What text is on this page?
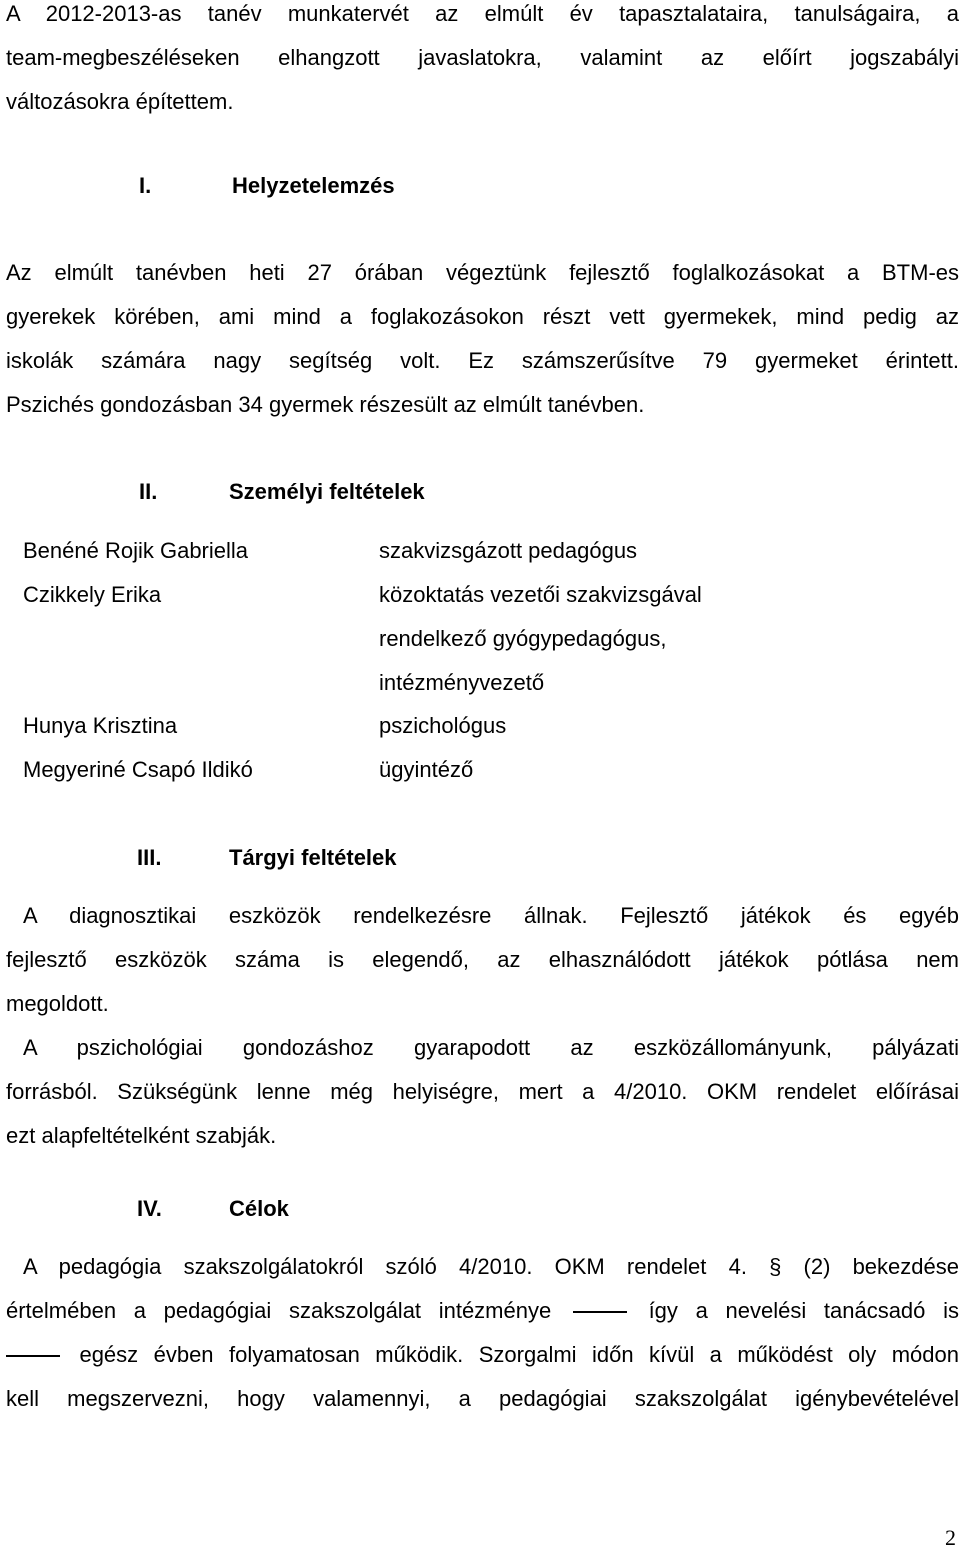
A 2012-2013-as tanév munkatervét az elmúlt év tapasztalataira, tanulságaira, a
team-megbeszéléseken elhangzott javaslatokra, valamint az előírt jogszabályi
változásokra építettem.
I.	Helyzetelemzés
Az elmúlt tanévben heti 27 órában végeztünk fejlesztő foglalkozásokat a BTM-es
gyerekek körében, ami mind a foglakozásokon részt vett gyermekek, mind pedig az
iskolák számára nagy segítség volt. Ez számszerűsítve 79 gyermeket érintett.
Pszichés gondozásban 34 gyermek részesült az elmúlt tanévben.
II.	Személyi feltételek
Benéné Rojik Gabriella	szakvizsgázott pedagógus
Czikkely Erika	közoktatás vezetői szakvizsgával
rendelkező gyógypedagógus,
intézményvezető
Hunya Krisztina	pszichológus
Megyeriné Csapó Ildikó	ügyintéző
III.	Tárgyi feltételek
A diagnosztikai eszközök rendelkezésre állnak. Fejlesztő játékok és egyéb
fejlesztő eszközök száma is elegendő, az elhasználódott játékok pótlása nem
megoldott.
A pszichológiai gondozáshoz gyarapodott az eszközállományunk, pályázati
forrásból. Szükségünk lenne még helyiségre, mert a 4/2010. OKM rendelet előírásai
ezt alapfeltételként szabják.
IV.	Célok
A pedagógia szakszolgálatokról szóló 4/2010. OKM rendelet 4. § (2) bekezdése
értelmében a pedagógiai szakszolgálat intézménye	így a nevelési tanácsadó is
egész évben folyamatosan működik. Szorgalmi időn kívül a működést oly módon
kell megszervezni, hogy valamennyi, a pedagógiai szakszolgálat igénybevételével
2
